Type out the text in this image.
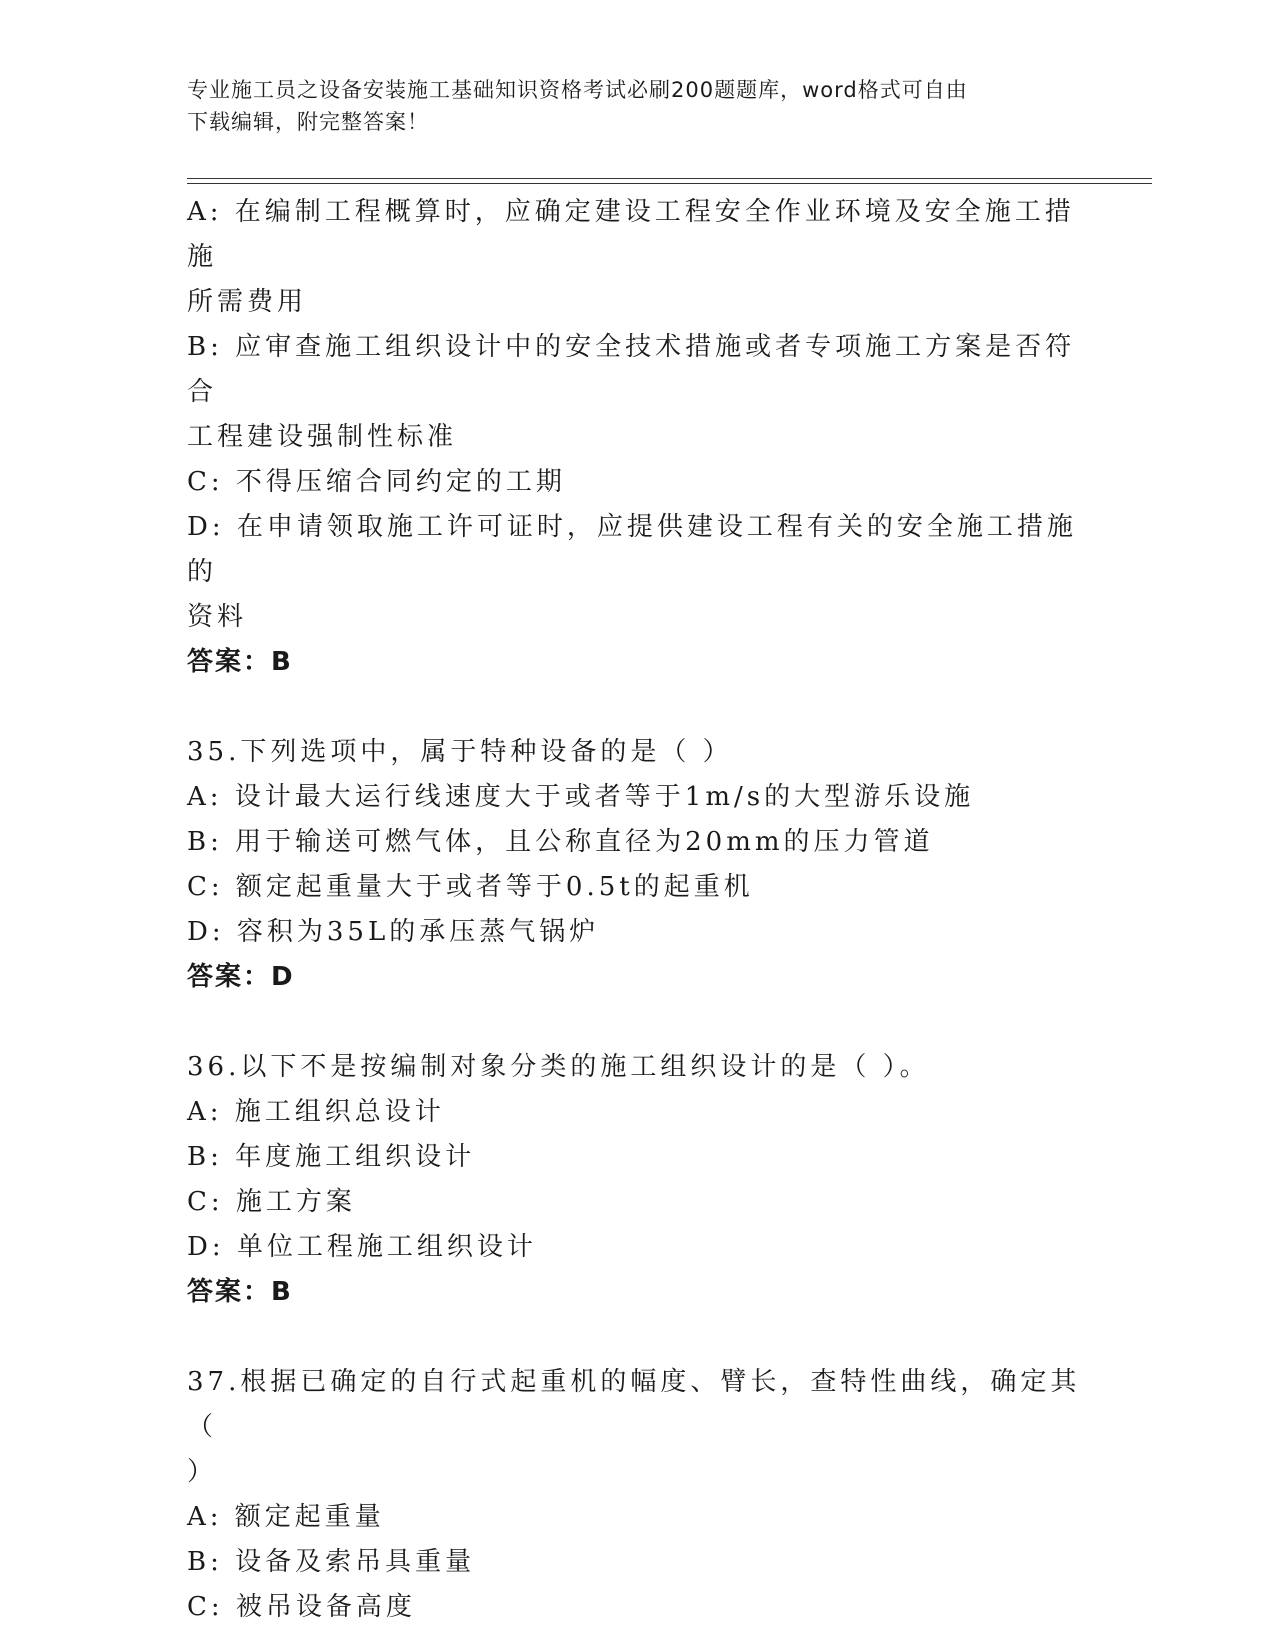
专业施工员之设备安装施工基础知识资格考试必刷200题题库，word格式可自由
下载编辑，附完整答案！
A: 在编制工程概算时，应确定建设工程安全作业环境及安全施工措施
所需费用
B: 应审查施工组织设计中的安全技术措施或者专项施工方案是否符合
工程建设强制性标准
C: 不得压缩合同约定的工期
D: 在申请领取施工许可证时，应提供建设工程有关的安全施工措施的
资料
答案：B
35.下列选项中，属于特种设备的是（ ）
A: 设计最大运行线速度大于或者等于1m/s的大型游乐设施
B: 用于输送可燃气体，且公称直径为20mm的压力管道
C: 额定起重量大于或者等于0.5t的起重机
D: 容积为35L的承压蒸气锅炉
答案：D
36.以下不是按编制对象分类的施工组织设计的是（ ）。
A: 施工组织总设计
B: 年度施工组织设计
C: 施工方案
D: 单位工程施工组织设计
答案：B
37.根据已确定的自行式起重机的幅度、臂长，查特性曲线，确定其（
）
A: 额定起重量
B: 设备及索吊具重量
C: 被吊设备高度
